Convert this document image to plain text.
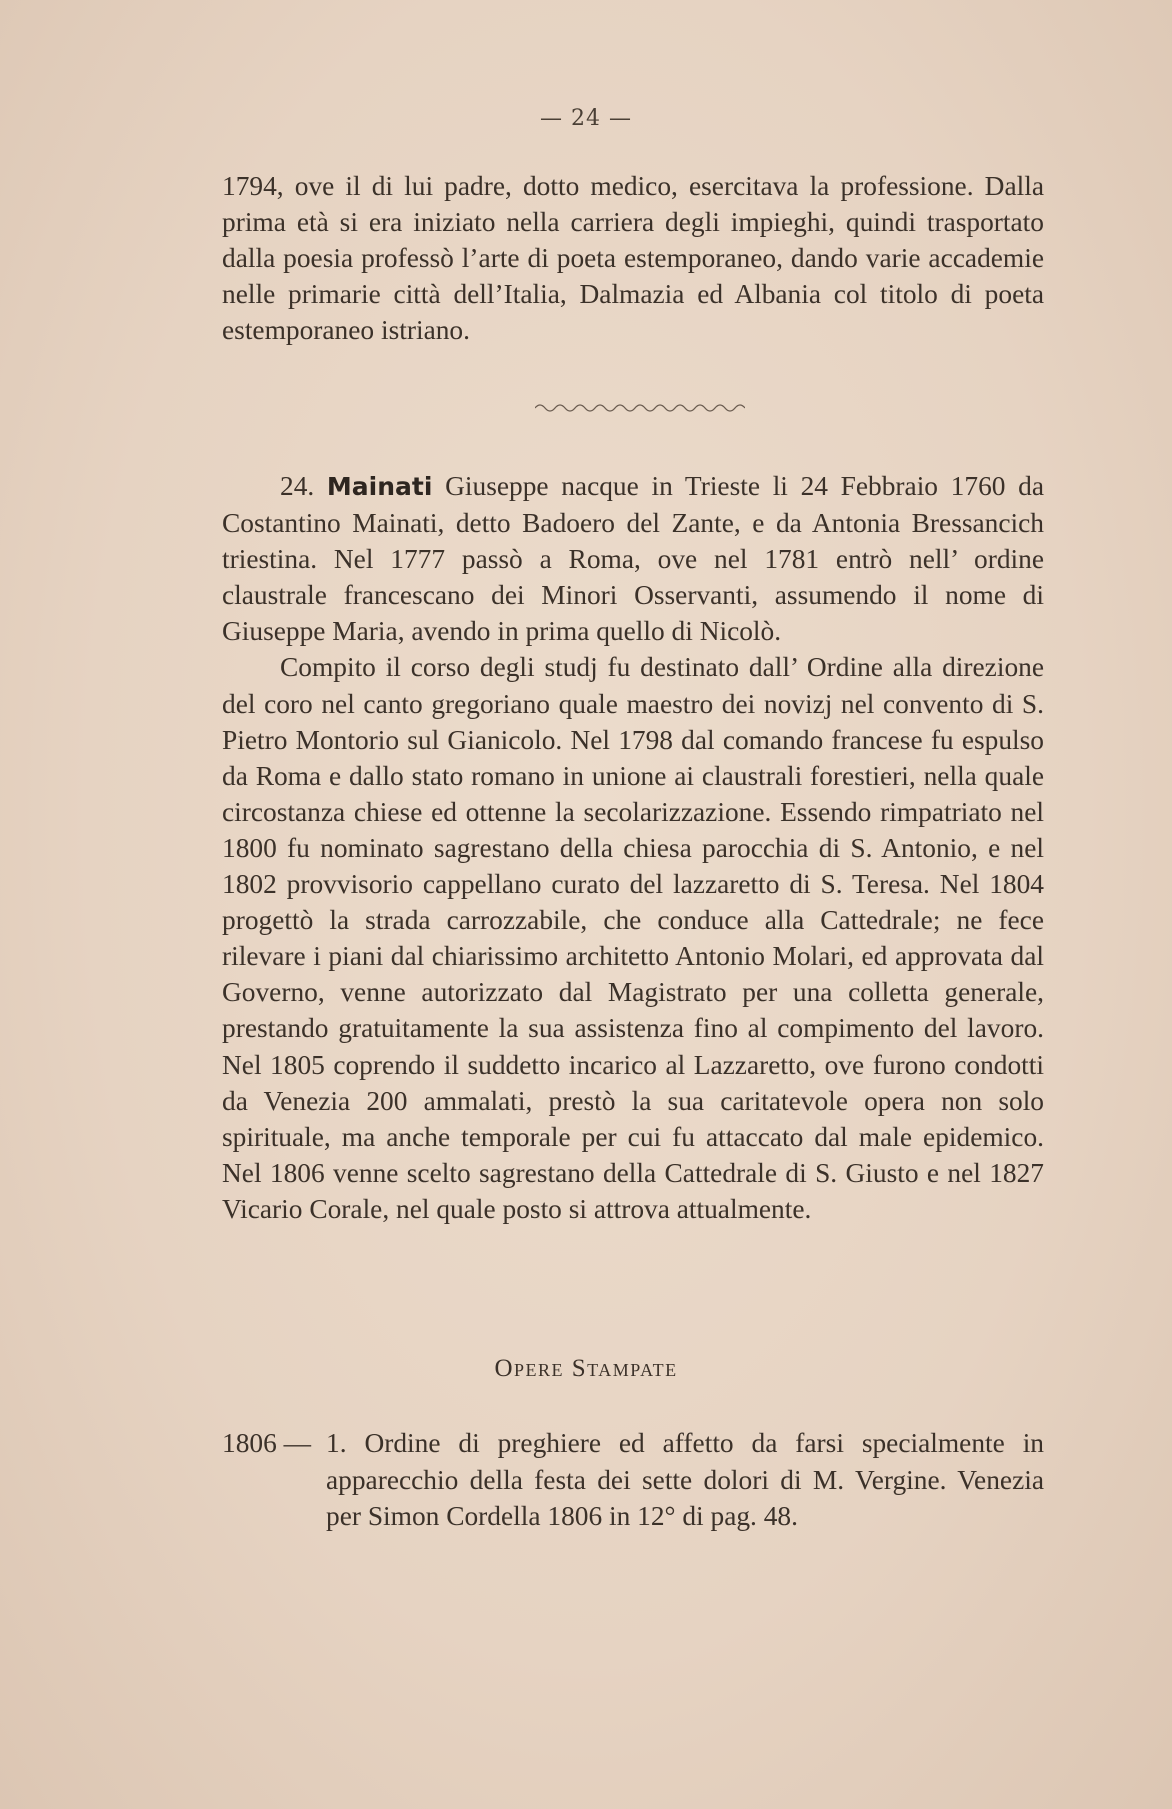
— 24 —

1794, ove il di lui padre, dotto medico, esercitava la professione. Dalla prima età si era iniziato nella carriera degli impieghi, quindi trasportato dalla poesia professò l’arte di poeta estemporaneo, dando varie accademie nelle primarie città dell’Italia, Dalmazia ed Albania col titolo di poeta estemporaneo istriano.

24. Mainati Giuseppe nacque in Trieste li 24 Febbraio 1760 da Costantino Mainati, detto Badoero del Zante, e da Antonia Bressancich triestina. Nel 1777 passò a Roma, ove nel 1781 entrò nell’ ordine claustrale francescano dei Minori Osservanti, assumendo il nome di Giuseppe Maria, avendo in prima quello di Nicolò.

Compito il corso degli studj fu destinato dall’ Ordine alla direzione del coro nel canto gregoriano quale maestro dei novizj nel convento di S. Pietro Montorio sul Gianicolo. Nel 1798 dal comando francese fu espulso da Roma e dallo stato romano in unione ai claustrali forestieri, nella quale circostanza chiese ed ottenne la secolarizzazione. Essendo rimpatriato nel 1800 fu nominato sagrestano della chiesa parocchia di S. Antonio, e nel 1802 provvisorio cappellano curato del lazzaretto di S. Teresa. Nel 1804 progettò la strada carrozzabile, che conduce alla Cattedrale; ne fece rilevare i piani dal chiarissimo architetto Antonio Molari, ed approvata dal Governo, venne autorizzato dal Magistrato per una colletta generale, prestando gratuitamente la sua assistenza fino al compimento del lavoro. Nel 1805 coprendo il suddetto incarico al Lazzaretto, ove furono condotti da Venezia 200 ammalati, prestò la sua caritatevole opera non solo spirituale, ma anche temporale per cui fu attaccato dal male epidemico. Nel 1806 venne scelto sagrestano della Cattedrale di S. Giusto e nel 1827 Vicario Corale, nel quale posto si attrova attualmente.

Opere Stampate
1806 — 1. Ordine di preghiere ed affetto da farsi specialmente in apparecchio della festa dei sette dolori di M. Vergine. Venezia per Simon Cordella 1806 in 12° di pag. 48.
